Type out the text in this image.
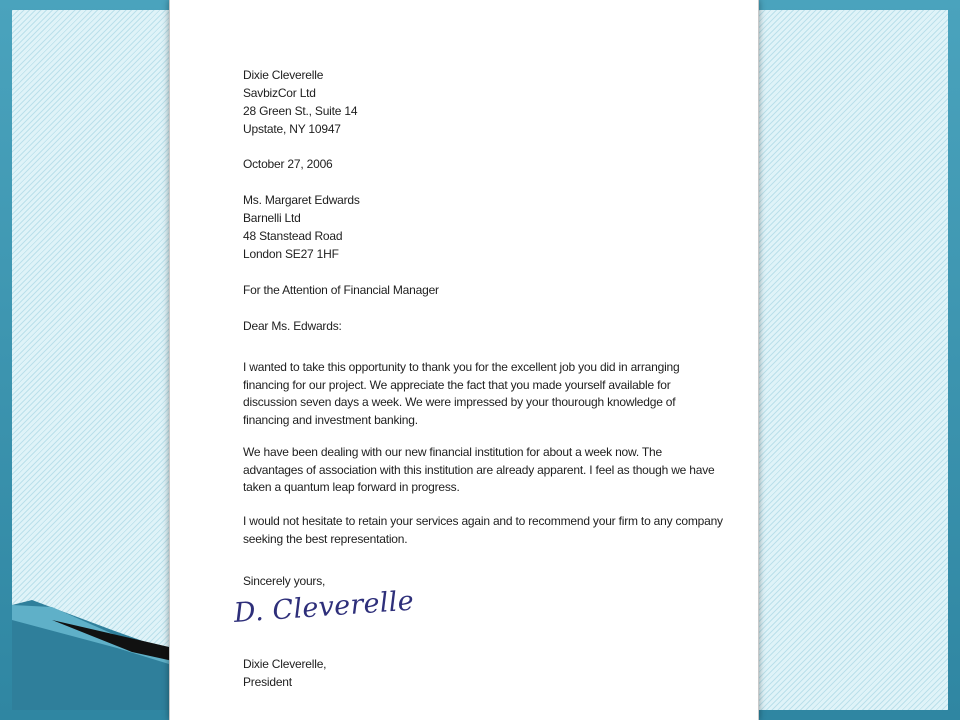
Dixie Cleverelle

SavbizCor Ltd

28 Green St., Suite 14

Upstate, NY 10947

October 27, 2006

Ms. Margaret Edwards

Barnelli Ltd

48 Stanstead Road

London SE27 1HF

For the Attention of Financial Manager
Dear Ms. Edwards:

I wanted to take this opportunity to thank you for the excellent job you did in arranging financing for our project. We appreciate the fact that you made yourself available for discussion seven days a week. We were impressed by your thourough knowledge of financing and investment banking.

We have been dealing with our new financial institution for about a week now. The advantages of association with this institution are already apparent. I feel as though we have taken a quantum leap forward in progress.

I would not hesitate to retain your services again and to recommend your firm to any company seeking the best representation.

Sincerely yours,
D. Cleverelle

Dixie Cleverelle,

President
